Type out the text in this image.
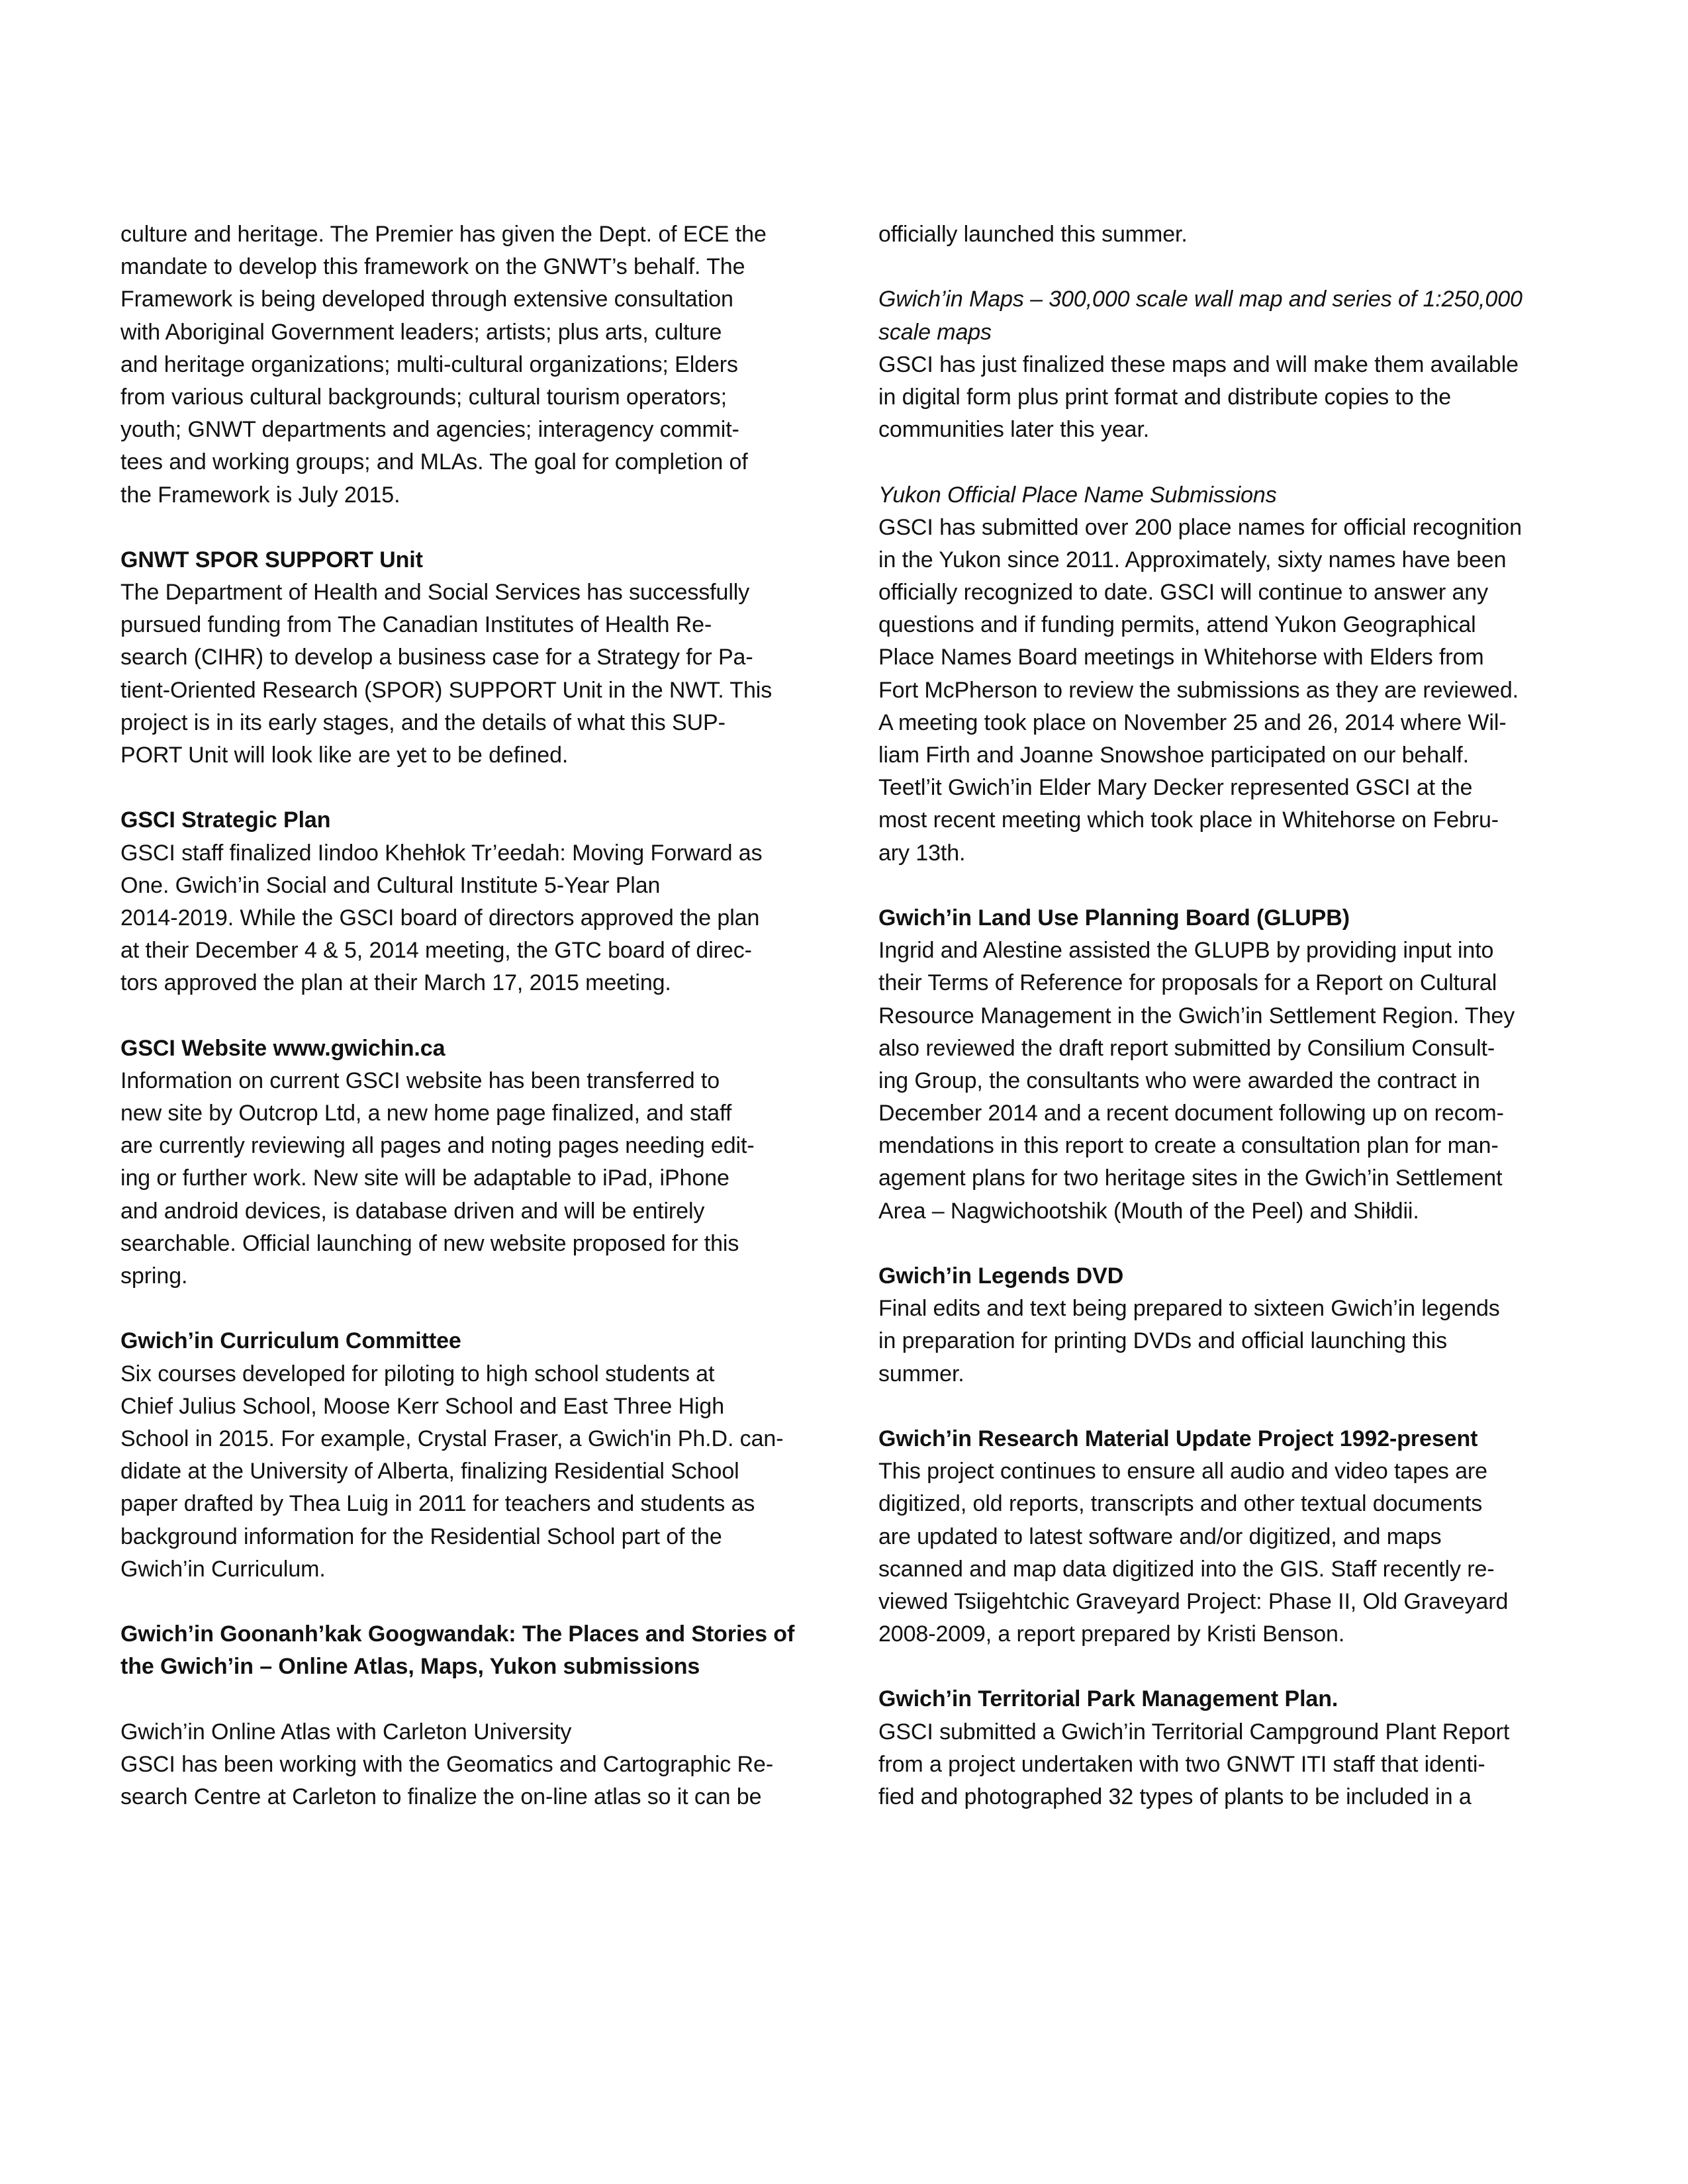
culture and heritage. The Premier has given the Dept. of ECE the
mandate to develop this framework on the GNWT’s behalf. The
Framework is being developed through extensive consultation
with Aboriginal Government leaders; artists; plus arts, culture
and heritage organizations; multi-cultural organizations; Elders
from various cultural backgrounds; cultural tourism operators;
youth; GNWT departments and agencies; interagency commit-
tees and working groups; and MLAs. The goal for completion of
the Framework is July 2015.
GNWT SPOR SUPPORT Unit
The Department of Health and Social Services has successfully
pursued funding from The Canadian Institutes of Health Re-
search (CIHR) to develop a business case for a Strategy for Pa-
tient-Oriented Research (SPOR) SUPPORT Unit in the NWT. This
project is in its early stages, and the details of what this SUP-
PORT Unit will look like are yet to be defined.
GSCI Strategic Plan
GSCI staff finalized Iindoo Khehłok Tr’eedah: Moving Forward as
One. Gwich’in Social and Cultural Institute 5-Year Plan
2014-2019. While the GSCI board of directors approved the plan
at their December 4 & 5, 2014 meeting, the GTC board of direc-
tors approved the plan at their March 17, 2015 meeting.
GSCI Website www.gwichin.ca
Information on current GSCI website has been transferred to
new site by Outcrop Ltd, a new home page finalized, and staff
are currently reviewing all pages and noting pages needing edit-
ing or further work. New site will be adaptable to iPad, iPhone
and android devices, is database driven and will be entirely
searchable. Official launching of new website proposed for this
spring.
Gwich’in Curriculum Committee
Six courses developed for piloting to high school students at
Chief Julius School, Moose Kerr School and East Three High
School in 2015. For example, Crystal Fraser, a Gwich'in Ph.D. can-
didate at the University of Alberta, finalizing Residential School
paper drafted by Thea Luig in 2011 for teachers and students as
background information for the Residential School part of the
Gwich’in Curriculum.
Gwich’in Goonanh’kak Googwandak: The Places and Stories of
the Gwich’in – Online Atlas, Maps, Yukon submissions
Gwich’in Online Atlas with Carleton University
GSCI has been working with the Geomatics and Cartographic Re-
search Centre at Carleton to finalize the on-line atlas so it can be
officially launched this summer.
Gwich’in Maps – 300,000 scale wall map and series of 1:250,000
scale maps
GSCI has just finalized these maps and will make them available
in digital form plus print format and distribute copies to the
communities later this year.
Yukon Official Place Name Submissions
GSCI has submitted over 200 place names for official recognition
in the Yukon since 2011. Approximately, sixty names have been
officially recognized to date. GSCI will continue to answer any
questions and if funding permits, attend Yukon Geographical
Place Names Board meetings in Whitehorse with Elders from
Fort McPherson to review the submissions as they are reviewed.
A meeting took place on November 25 and 26, 2014 where Wil-
liam Firth and Joanne Snowshoe participated on our behalf.
Teetl’it Gwich’in Elder Mary Decker represented GSCI at the
most recent meeting which took place in Whitehorse on Febru-
ary 13th.
Gwich’in Land Use Planning Board (GLUPB)
Ingrid and Alestine assisted the GLUPB by providing input into
their Terms of Reference for proposals for a Report on Cultural
Resource Management in the Gwich’in Settlement Region. They
also reviewed the draft report submitted by Consilium Consult-
ing Group, the consultants who were awarded the contract in
December 2014 and a recent document following up on recom-
mendations in this report to create a consultation plan for man-
agement plans for two heritage sites in the Gwich’in Settlement
Area – Nagwichootshik (Mouth of the Peel) and Shiłdii.
Gwich’in Legends DVD
Final edits and text being prepared to sixteen Gwich’in legends
in preparation for printing DVDs and official launching this
summer.
Gwich’in Research Material Update Project 1992-present
This project continues to ensure all audio and video tapes are
digitized, old reports, transcripts and other textual documents
are updated to latest software and/or digitized, and maps
scanned and map data digitized into the GIS. Staff recently re-
viewed Tsiigehtchic Graveyard Project: Phase II, Old Graveyard
2008-2009, a report prepared by Kristi Benson.
Gwich’in Territorial Park Management Plan.
GSCI submitted a Gwich’in Territorial Campground Plant Report
from a project undertaken with two GNWT ITI staff that identi-
fied and photographed 32 types of plants to be included in a
